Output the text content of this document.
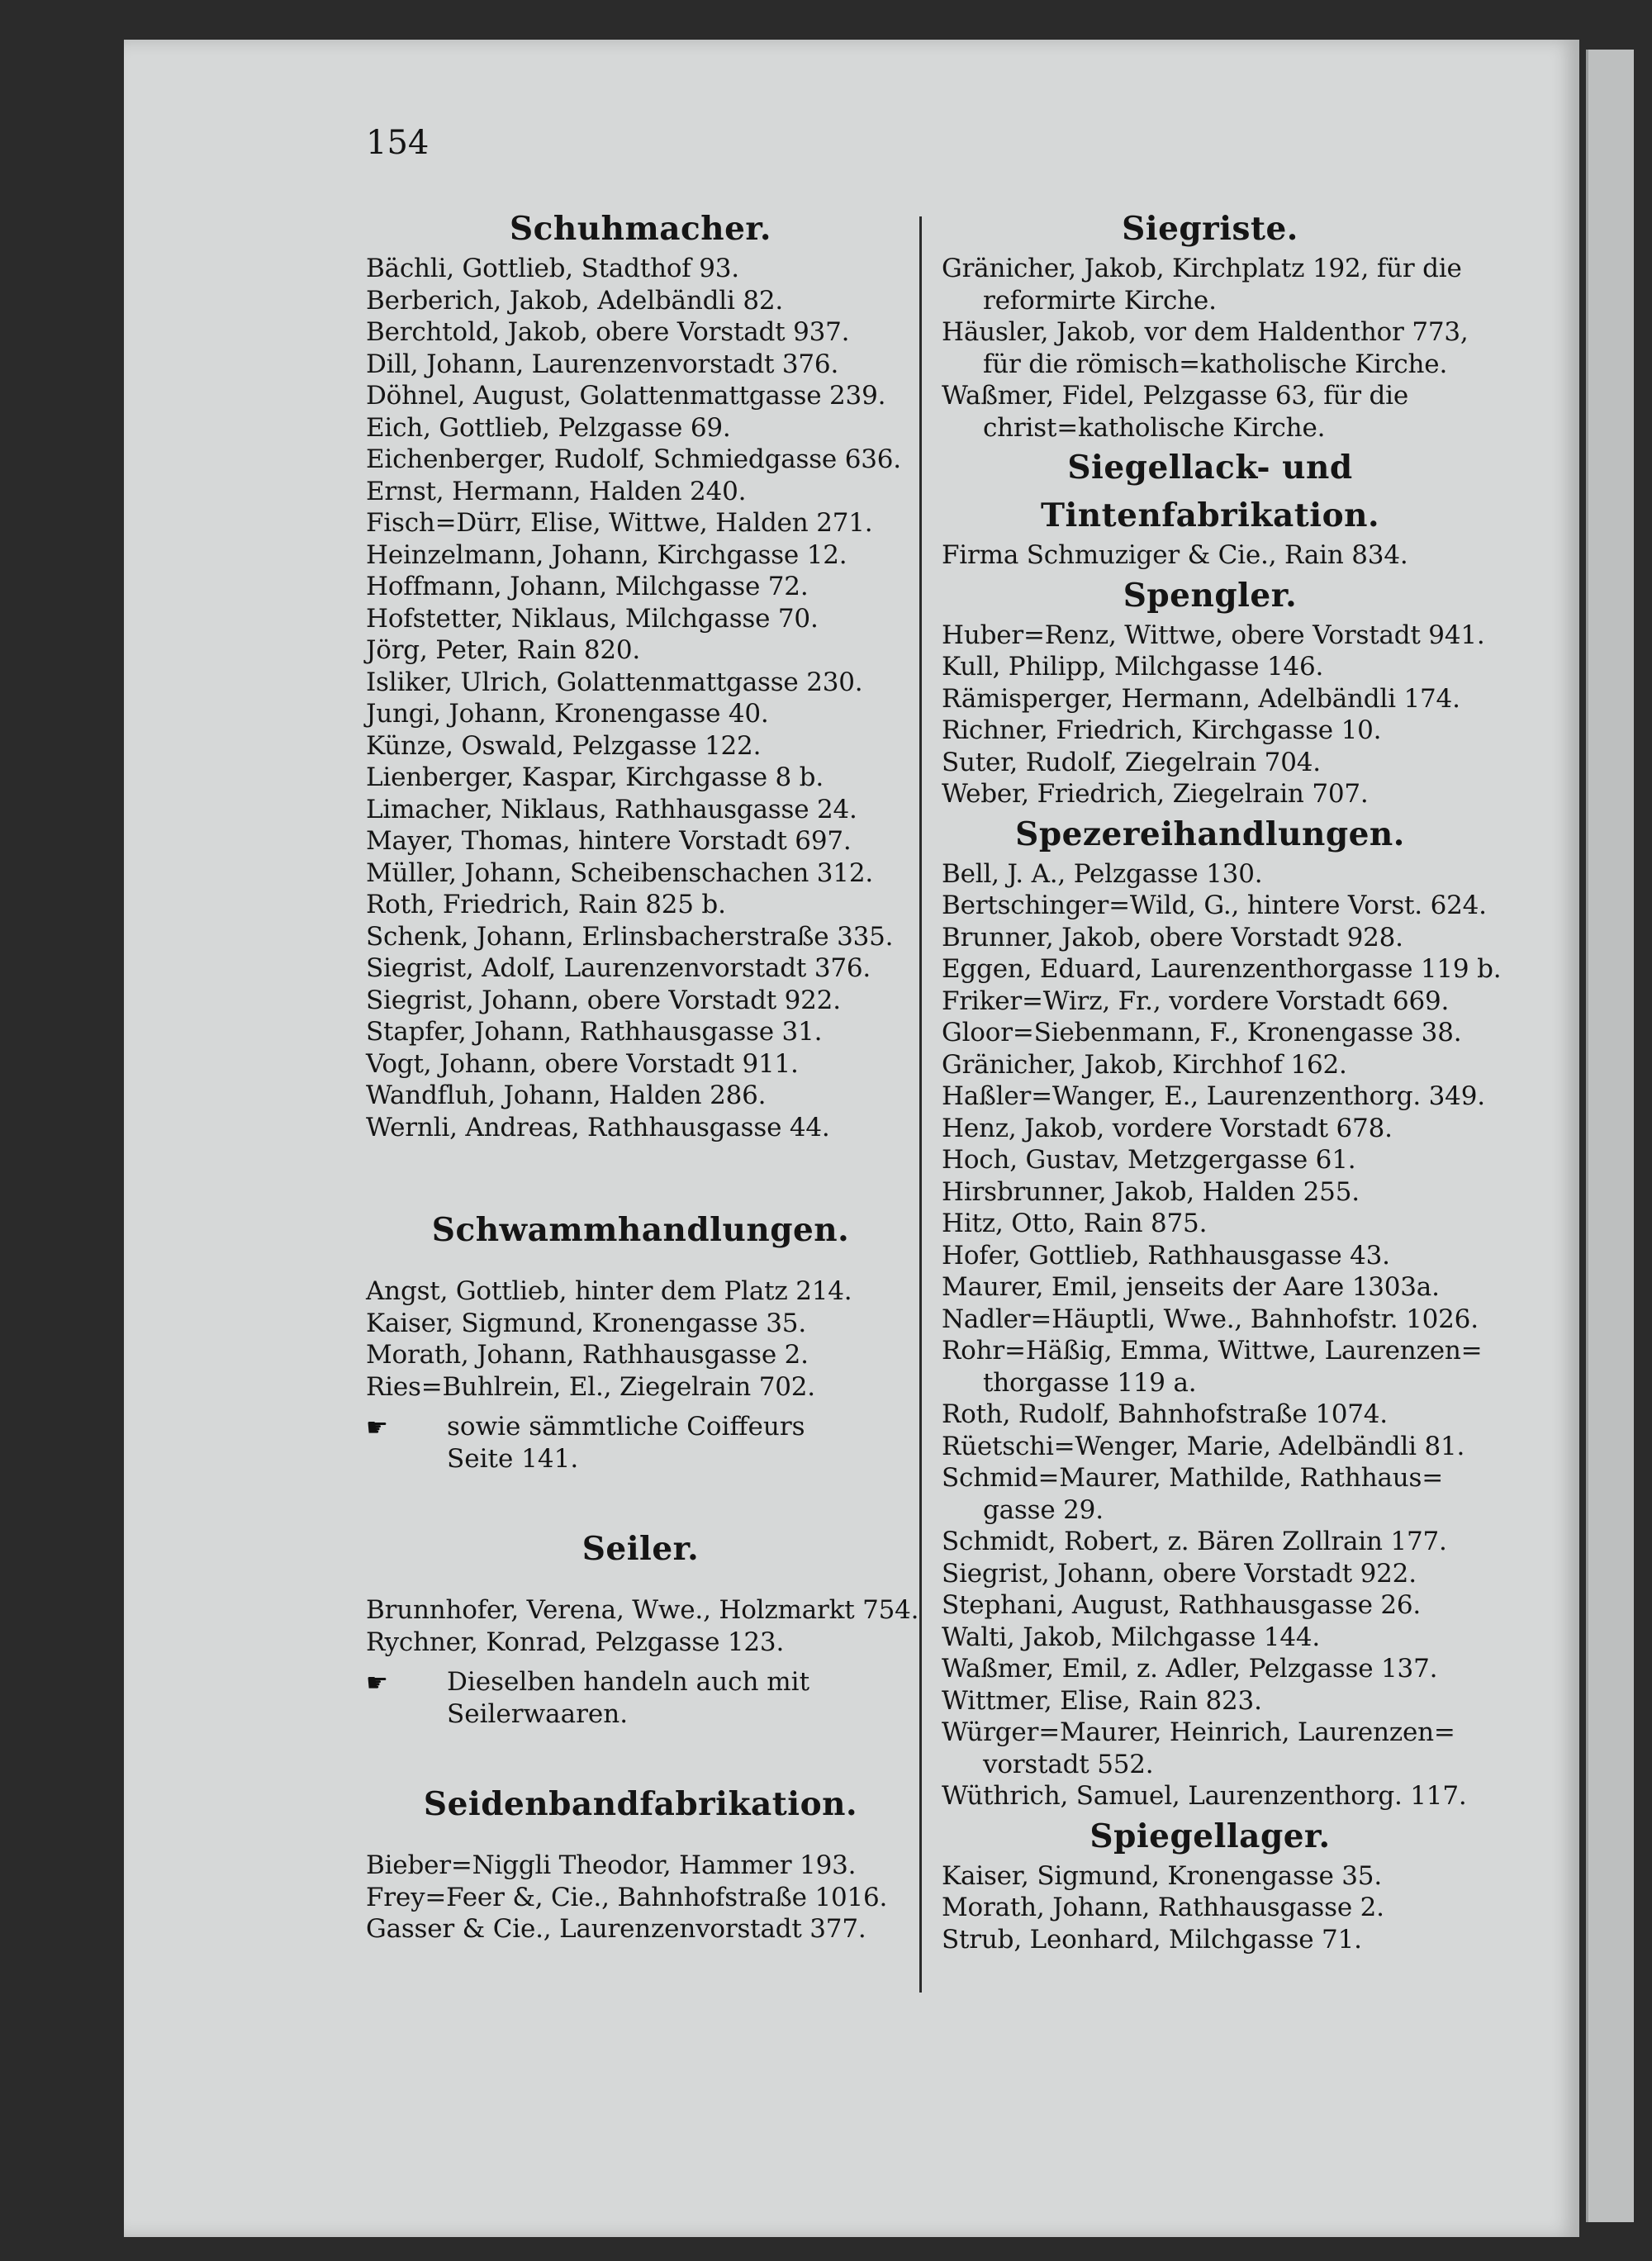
154
Schuhmacher.
Bächli, Gottlieb, Stadthof 93.
Berberich, Jakob, Adelbändli 82.
Berchtold, Jakob, obere Vorstadt 937.
Dill, Johann, Laurenzenvorstadt 376.
Döhnel, August, Golattenmattgasse 239.
Eich, Gottlieb, Pelzgasse 69.
Eichenberger, Rudolf, Schmiedgasse 636.
Ernst, Hermann, Halden 240.
Fisch=Dürr, Elise, Wittwe, Halden 271.
Heinzelmann, Johann, Kirchgasse 12.
Hoffmann, Johann, Milchgasse 72.
Hofstetter, Niklaus, Milchgasse 70.
Jörg, Peter, Rain 820.
Isliker, Ulrich, Golattenmattgasse 230.
Jungi, Johann, Kronengasse 40.
Künze, Oswald, Pelzgasse 122.
Lienberger, Kaspar, Kirchgasse 8 b.
Limacher, Niklaus, Rathhausgasse 24.
Mayer, Thomas, hintere Vorstadt 697.
Müller, Johann, Scheibenschachen 312.
Roth, Friedrich, Rain 825 b.
Schenk, Johann, Erlinsbacherstraße 335.
Siegrist, Adolf, Laurenzenvorstadt 376.
Siegrist, Johann, obere Vorstadt 922.
Stapfer, Johann, Rathhausgasse 31.
Vogt, Johann, obere Vorstadt 911.
Wandfluh, Johann, Halden 286.
Wernli, Andreas, Rathhausgasse 44.
Schwammhandlungen.
Angst, Gottlieb, hinter dem Platz 214.
Kaiser, Sigmund, Kronengasse 35.
Morath, Johann, Rathhausgasse 2.
Ries=Buhlrein, El., Ziegelrain 702.
☛	sowie sämmtliche Coiffeurs
Seite 141.
Seiler.
Brunnhofer, Verena, Wwe., Holzmarkt 754.
Rychner, Konrad, Pelzgasse 123.
☛	Dieselben handeln auch mit
Seilerwaaren.
Seidenbandfabrikation.
Bieber=Niggli Theodor, Hammer 193.
Frey=Feer &, Cie., Bahnhofstraße 1016.
Gasser & Cie., Laurenzenvorstadt 377.
Siegriste.
Gränicher, Jakob, Kirchplatz 192, für die
reformirte Kirche.
Häusler, Jakob, vor dem Haldenthor 773,
für die römisch=katholische Kirche.
Waßmer, Fidel, Pelzgasse 63, für die
christ=katholische Kirche.
Siegellack- und Tintenfabrikation.
Firma Schmuziger & Cie., Rain 834.
Spengler.
Huber=Renz, Wittwe, obere Vorstadt 941.
Kull, Philipp, Milchgasse 146.
Rämisperger, Hermann, Adelbändli 174.
Richner, Friedrich, Kirchgasse 10.
Suter, Rudolf, Ziegelrain 704.
Weber, Friedrich, Ziegelrain 707.
Spezereihandlungen.
Bell, J. A., Pelzgasse 130.
Bertschinger=Wild, G., hintere Vorst. 624.
Brunner, Jakob, obere Vorstadt 928.
Eggen, Eduard, Laurenzenthorgasse 119 b.
Friker=Wirz, Fr., vordere Vorstadt 669.
Gloor=Siebenmann, F., Kronengasse 38.
Gränicher, Jakob, Kirchhof 162.
Haßler=Wanger, E., Laurenzenthorg. 349.
Henz, Jakob, vordere Vorstadt 678.
Hoch, Gustav, Metzgergasse 61.
Hirsbrunner, Jakob, Halden 255.
Hitz, Otto, Rain 875.
Hofer, Gottlieb, Rathhausgasse 43.
Maurer, Emil, jenseits der Aare 1303a.
Nadler=Häuptli, Wwe., Bahnhofstr. 1026.
Rohr=Häßig, Emma, Wittwe, Laurenzen=
thorgasse 119 a.
Roth, Rudolf, Bahnhofstraße 1074.
Rüetschi=Wenger, Marie, Adelbändli 81.
Schmid=Maurer, Mathilde, Rathhaus=
gasse 29.
Schmidt, Robert, z. Bären Zollrain 177.
Siegrist, Johann, obere Vorstadt 922.
Stephani, August, Rathhausgasse 26.
Walti, Jakob, Milchgasse 144.
Waßmer, Emil, z. Adler, Pelzgasse 137.
Wittmer, Elise, Rain 823.
Würger=Maurer, Heinrich, Laurenzen=
vorstadt 552.
Wüthrich, Samuel, Laurenzenthorg. 117.
Spiegellager.
Kaiser, Sigmund, Kronengasse 35.
Morath, Johann, Rathhausgasse 2.
Strub, Leonhard, Milchgasse 71.
